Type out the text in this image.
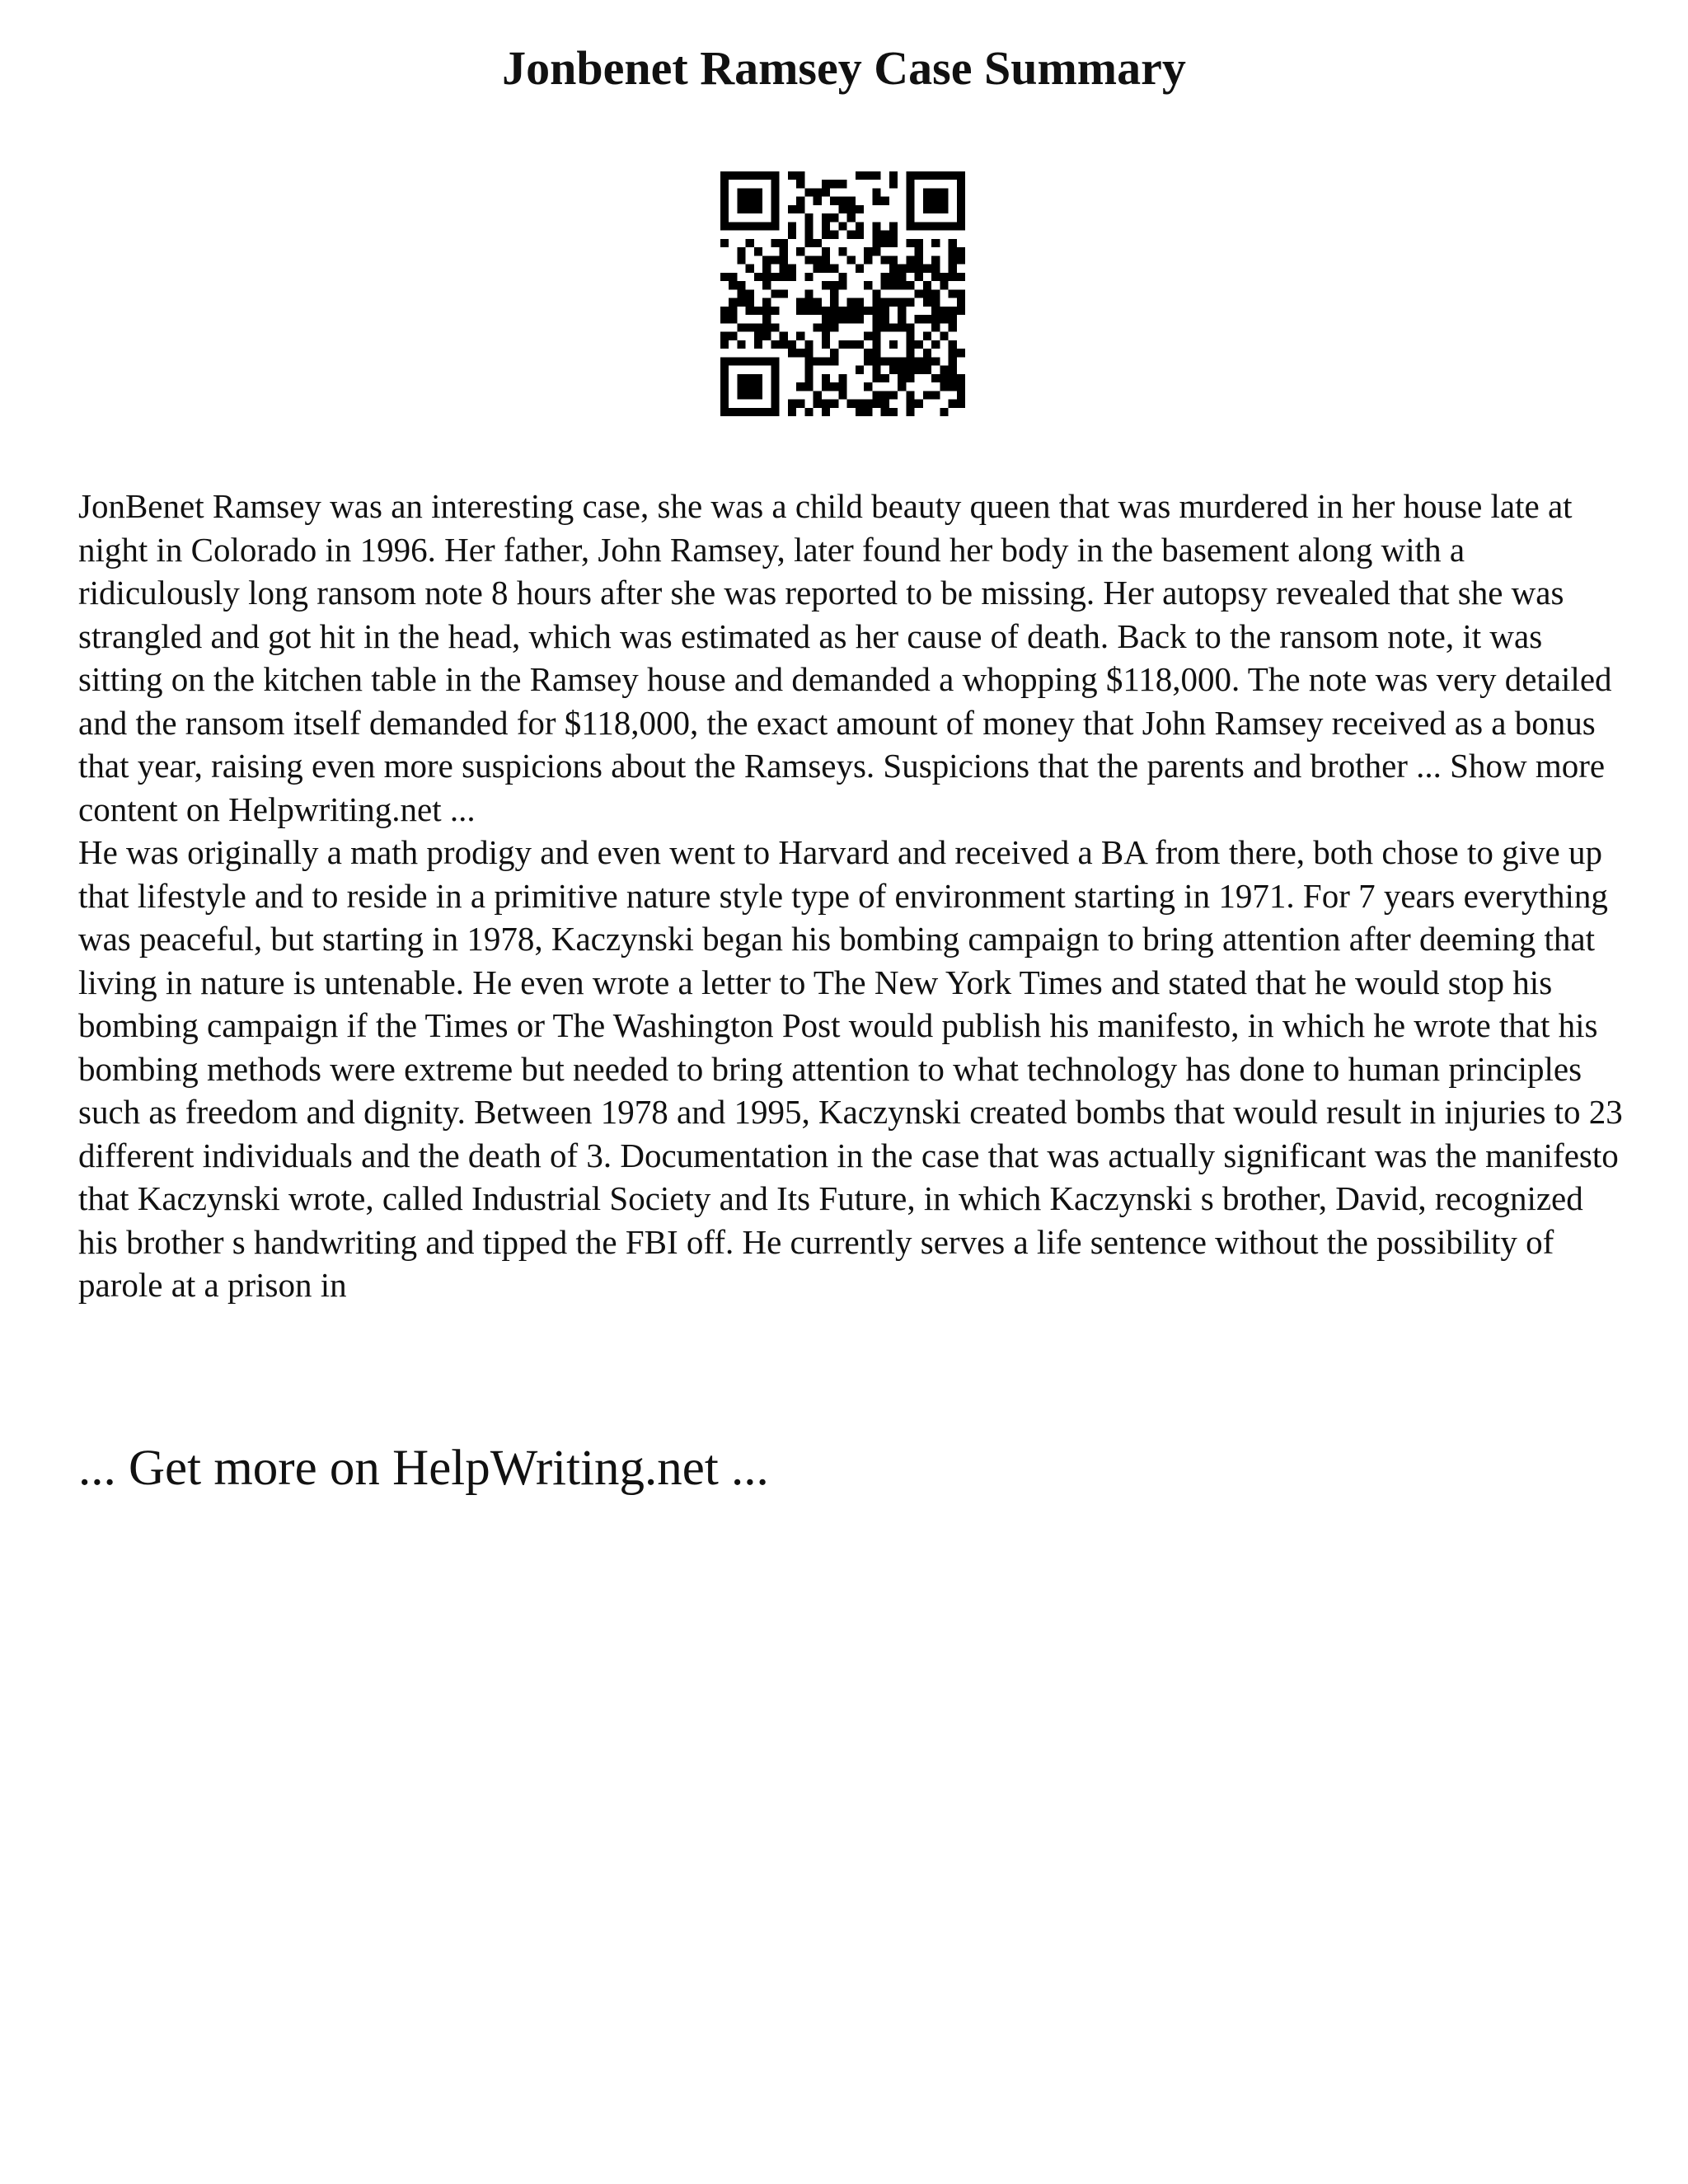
Jonbenet Ramsey Case Summary

JonBenet Ramsey was an interesting case, she was a child beauty queen that was murdered in her house late at night in Colorado in 1996. Her father, John Ramsey, later found her body in the basement along with a ridiculously long ransom note 8 hours after she was reported to be missing. Her autopsy revealed that she was strangled and got hit in the head, which was estimated as her cause of death. Back to the ransom note, it was sitting on the kitchen table in the Ramsey house and demanded a whopping $118,000. The note was very detailed and the ransom itself demanded for $118,000, the exact amount of money that John Ramsey received as a bonus that year, raising even more suspicions about the Ramseys. Suspicions that the parents and brother ... Show more content on Helpwriting.net ...

He was originally a math prodigy and even went to Harvard and received a BA from there, both chose to give up that lifestyle and to reside in a primitive nature style type of environment starting in 1971. For 7 years everything was peaceful, but starting in 1978, Kaczynski began his bombing campaign to bring attention after deeming that living in nature is untenable. He even wrote a letter to The New York Times and stated that he would stop his bombing campaign if the Times or The Washington Post would publish his manifesto, in which he wrote that his bombing methods were extreme but needed to bring attention to what technology has done to human principles such as freedom and dignity. Between 1978 and 1995, Kaczynski created bombs that would result in injuries to 23 different individuals and the death of 3. Documentation in the case that was actually significant was the manifesto that Kaczynski wrote, called Industrial Society and Its Future, in which Kaczynski s brother, David, recognized his brother s handwriting and tipped the FBI off. He currently serves a life sentence without the possibility of parole at a prison in

... Get more on HelpWriting.net ...
